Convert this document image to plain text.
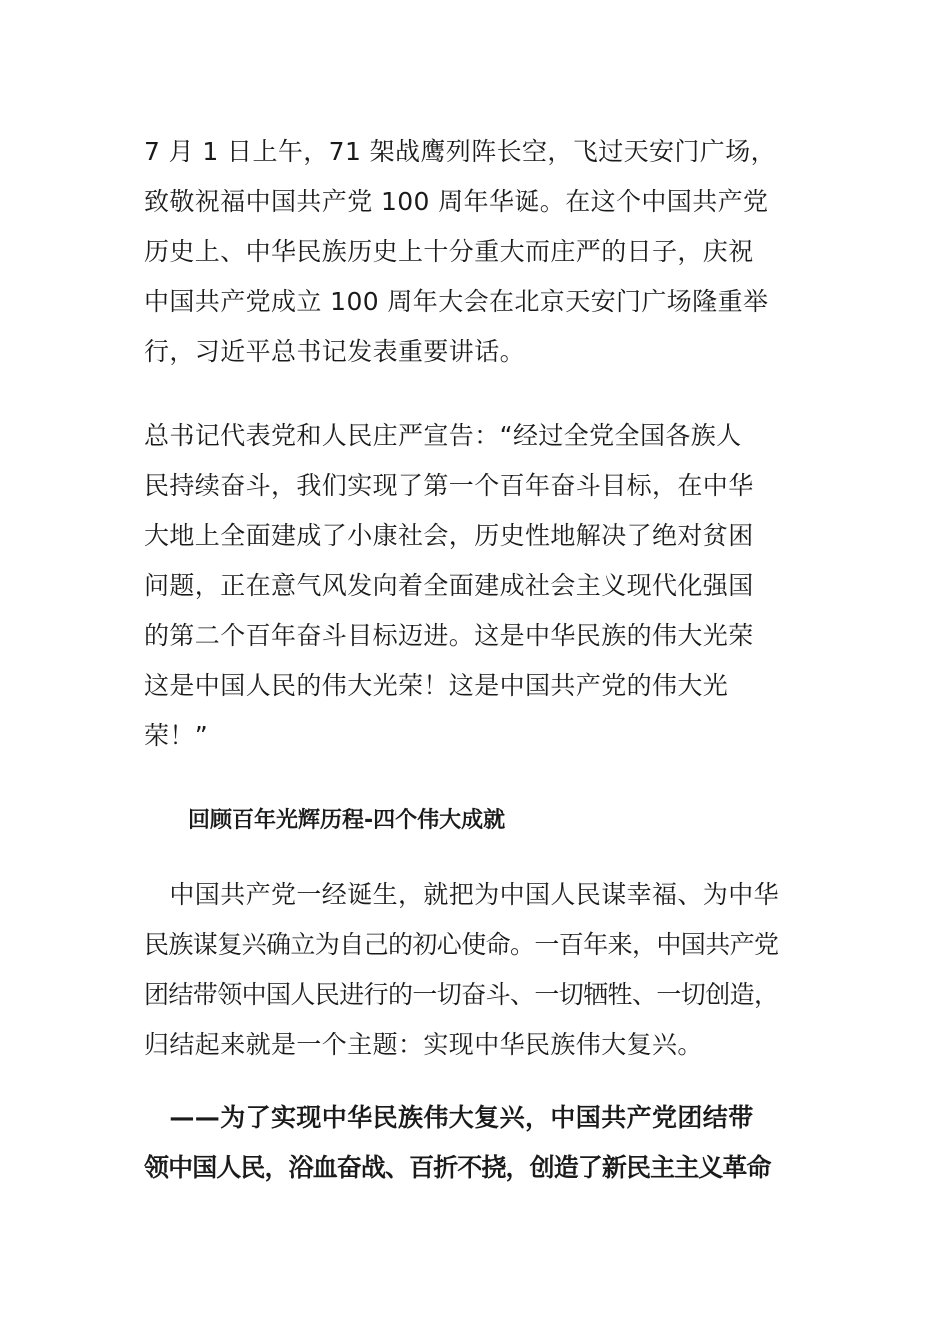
7 月 1 日上午，71 架战鹰列阵长空，飞过天安门广场，
致敬祝福中国共产党 100 周年华诞。在这个中国共产党
历史上、中华民族历史上十分重大而庄严的日子，庆祝
中国共产党成立 100 周年大会在北京天安门广场隆重举
行，习近平总书记发表重要讲话。
总书记代表党和人民庄严宣告：“经过全党全国各族人
民持续奋斗，我们实现了第一个百年奋斗目标，在中华
大地上全面建成了小康社会，历史性地解决了绝对贫困
问题，正在意气风发向着全面建成社会主义现代化强国
的第二个百年奋斗目标迈进。这是中华民族的伟大光荣
这是中国人民的伟大光荣！这是中国共产党的伟大光
荣！”
回顾百年光辉历程-四个伟大成就
　中国共产党一经诞生，就把为中国人民谋幸福、为中华
民族谋复兴确立为自己的初心使命。一百年来，中国共产党
团结带领中国人民进行的一切奋斗、一切牺牲、一切创造，
归结起来就是一个主题：实现中华民族伟大复兴。
　——为了实现中华民族伟大复兴，中国共产党团结带
领中国人民，浴血奋战、百折不挠，创造了新民主主义革命
